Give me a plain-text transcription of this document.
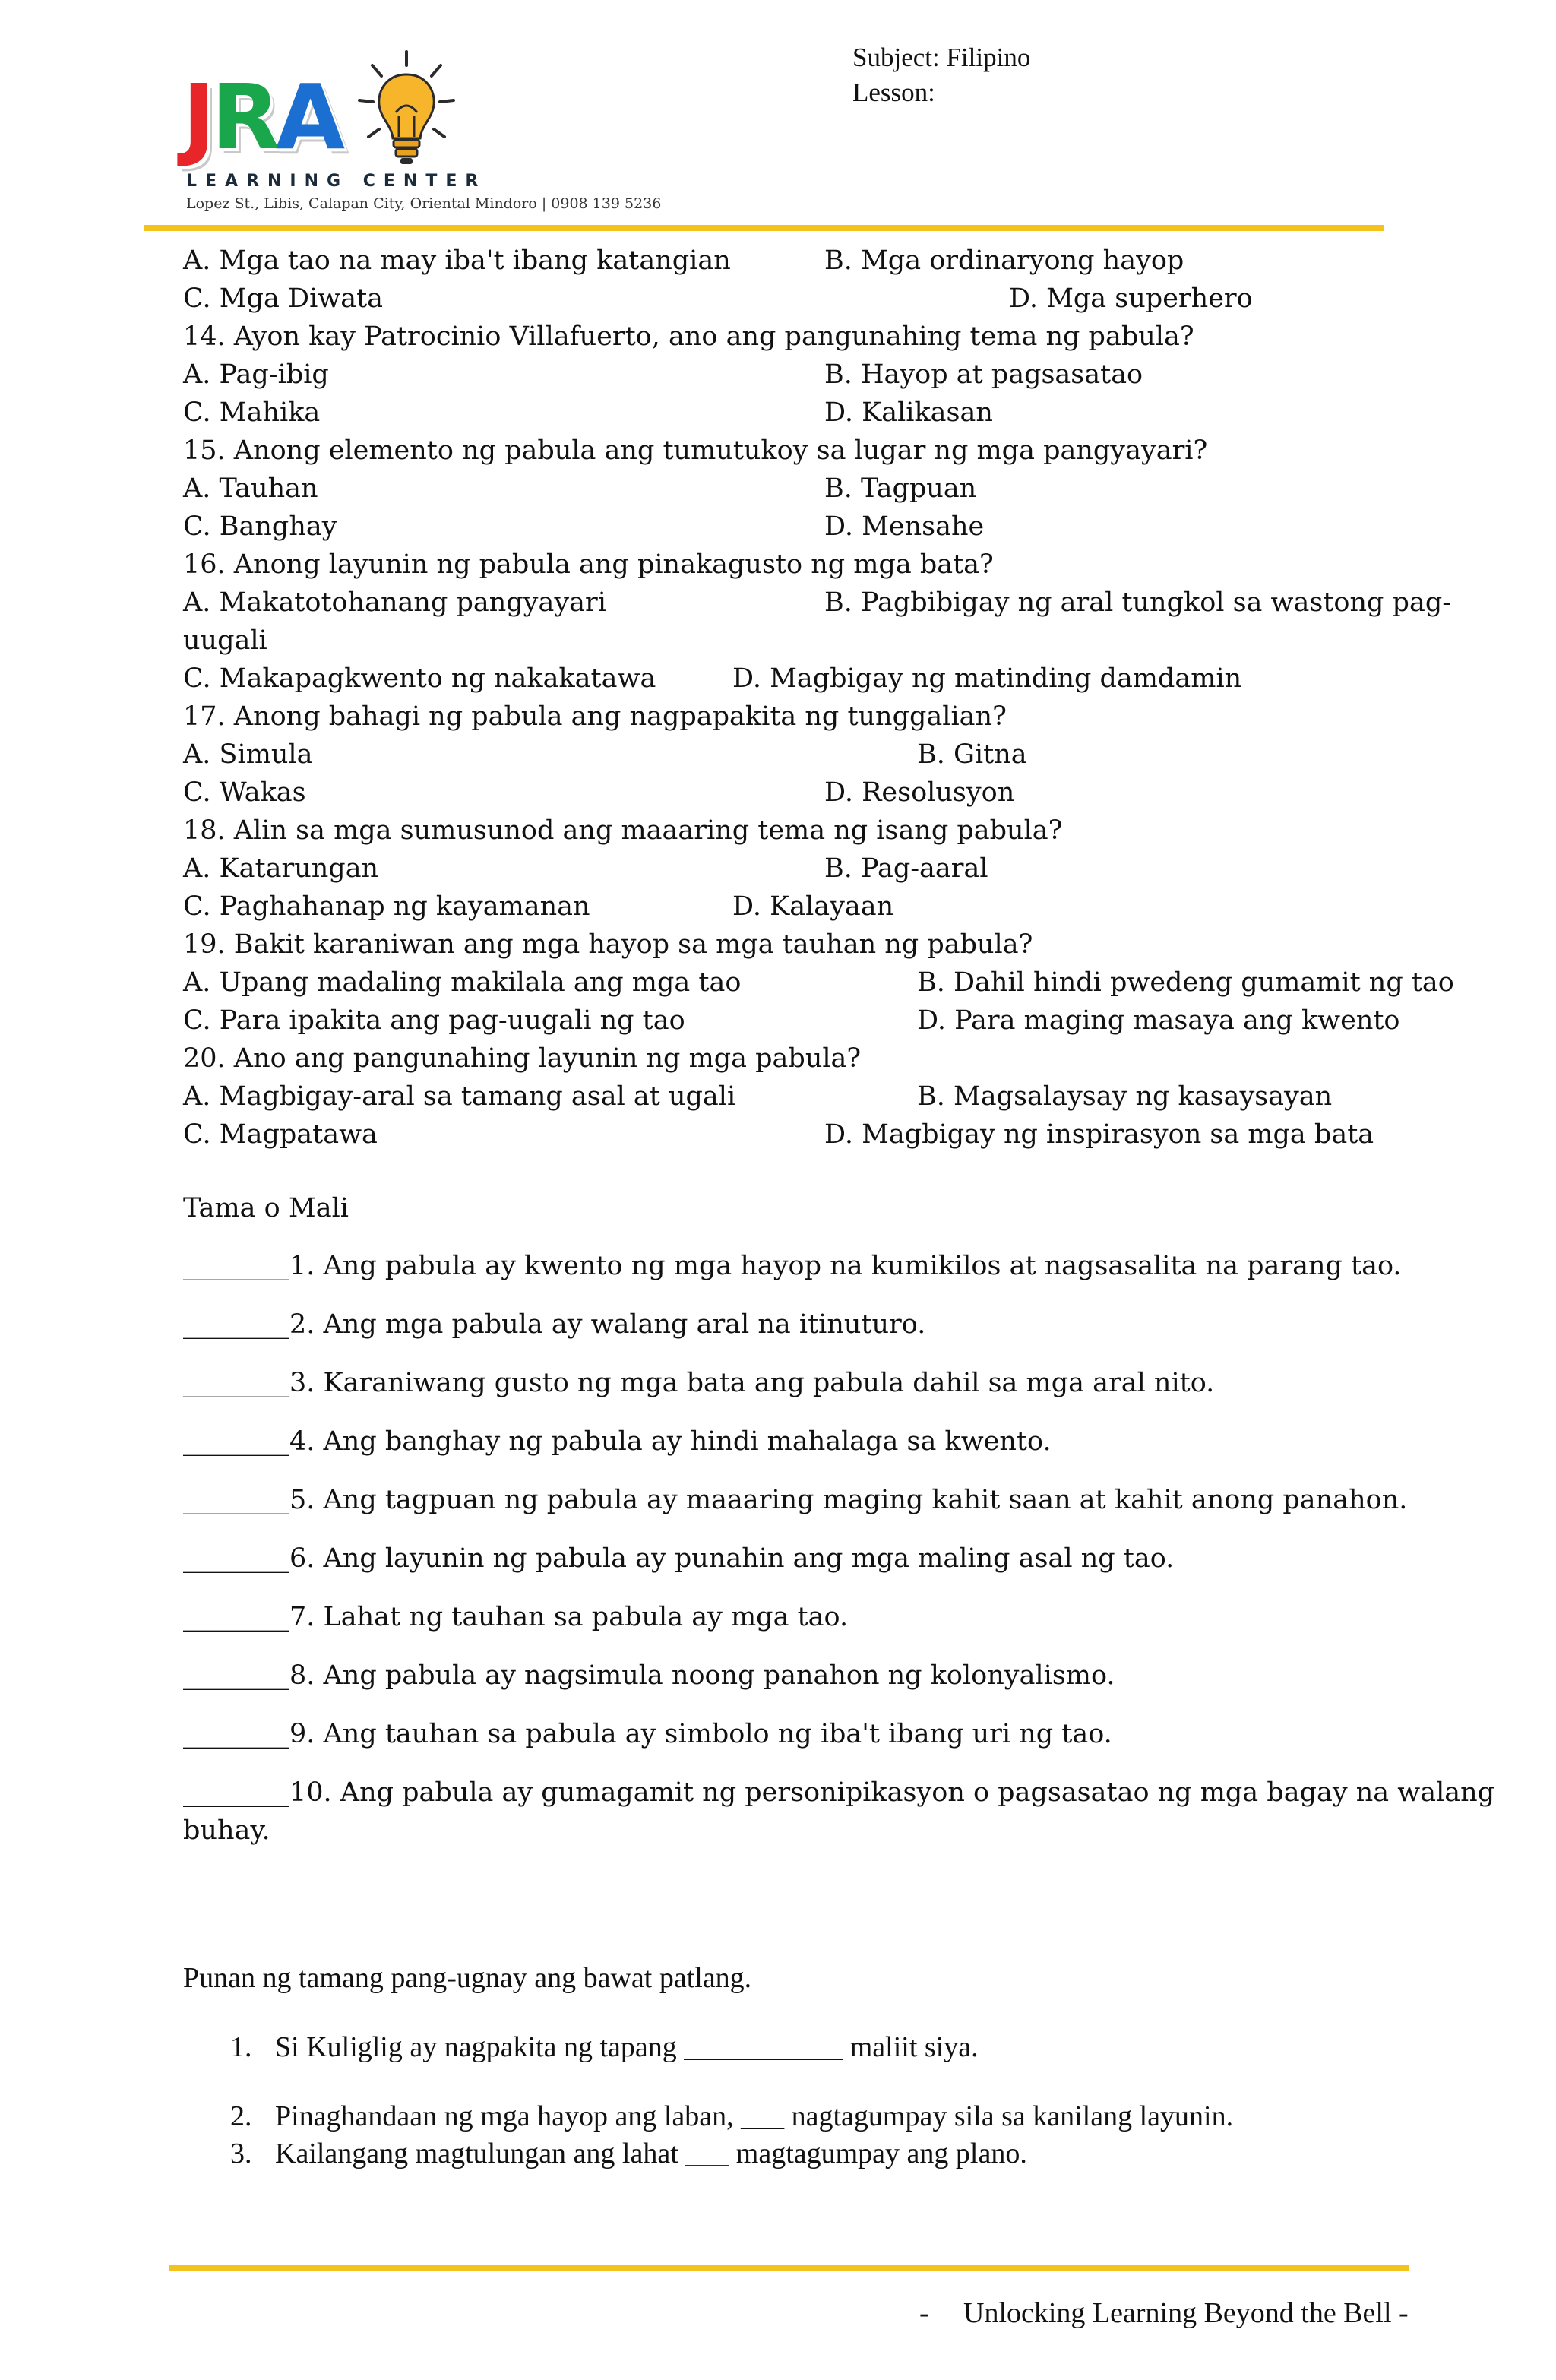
JRA
LEARNING CENTER
Lopez St., Libis, Calapan City, Oriental Mindoro | 0908 139 5236
Subject: Filipino
Lesson:
A. Mga tao na may iba't ibang katangian	B. Mga ordinaryong hayop
C. Mga Diwata	D. Mga superhero
14. Ayon kay Patrocinio Villafuerto, ano ang pangunahing tema ng pabula?
A. Pag-ibig	B. Hayop at pagsasatao
C. Mahika	D. Kalikasan
15. Anong elemento ng pabula ang tumutukoy sa lugar ng mga pangyayari?
A. Tauhan	B. Tagpuan
C. Banghay	D. Mensahe
16. Anong layunin ng pabula ang pinakagusto ng mga bata?
A. Makatotohanang pangyayari	B. Pagbibigay ng aral tungkol sa wastong pag-
uugali
C. Makapagkwento ng nakakatawa	D. Magbigay ng matinding damdamin
17. Anong bahagi ng pabula ang nagpapakita ng tunggalian?
A. Simula	B. Gitna
C. Wakas	D. Resolusyon
18. Alin sa mga sumusunod ang maaaring tema ng isang pabula?
A. Katarungan	B. Pag-aaral
C. Paghahanap ng kayamanan	D. Kalayaan
19. Bakit karaniwan ang mga hayop sa mga tauhan ng pabula?
A. Upang madaling makilala ang mga tao	B. Dahil hindi pwedeng gumamit ng tao
C. Para ipakita ang pag-uugali ng tao	D. Para maging masaya ang kwento
20. Ano ang pangunahing layunin ng mga pabula?
A. Magbigay-aral sa tamang asal at ugali	B. Magsalaysay ng kasaysayan
C. Magpatawa	D. Magbigay ng inspirasyon sa mga bata
Tama o Mali
________1. Ang pabula ay kwento ng mga hayop na kumikilos at nagsasalita na parang tao.
________2. Ang mga pabula ay walang aral na itinuturo.
________3. Karaniwang gusto ng mga bata ang pabula dahil sa mga aral nito.
________4. Ang banghay ng pabula ay hindi mahalaga sa kwento.
________5. Ang tagpuan ng pabula ay maaaring maging kahit saan at kahit anong panahon.
________6. Ang layunin ng pabula ay punahin ang mga maling asal ng tao.
________7. Lahat ng tauhan sa pabula ay mga tao.
________8. Ang pabula ay nagsimula noong panahon ng kolonyalismo.
________9. Ang tauhan sa pabula ay simbolo ng iba't ibang uri ng tao.
________10. Ang pabula ay gumagamit ng personipikasyon o pagsasatao ng mga bagay na walang
buhay.
Punan ng tamang pang-ugnay ang bawat patlang.
1. Si Kuliglig ay nagpakita ng tapang ___________ maliit siya.
2. Pinaghandaan ng mga hayop ang laban, ___ nagtagumpay sila sa kanilang layunin.
3. Kailangang magtulungan ang lahat ___ magtagumpay ang plano.
- Unlocking Learning Beyond the Bell -
